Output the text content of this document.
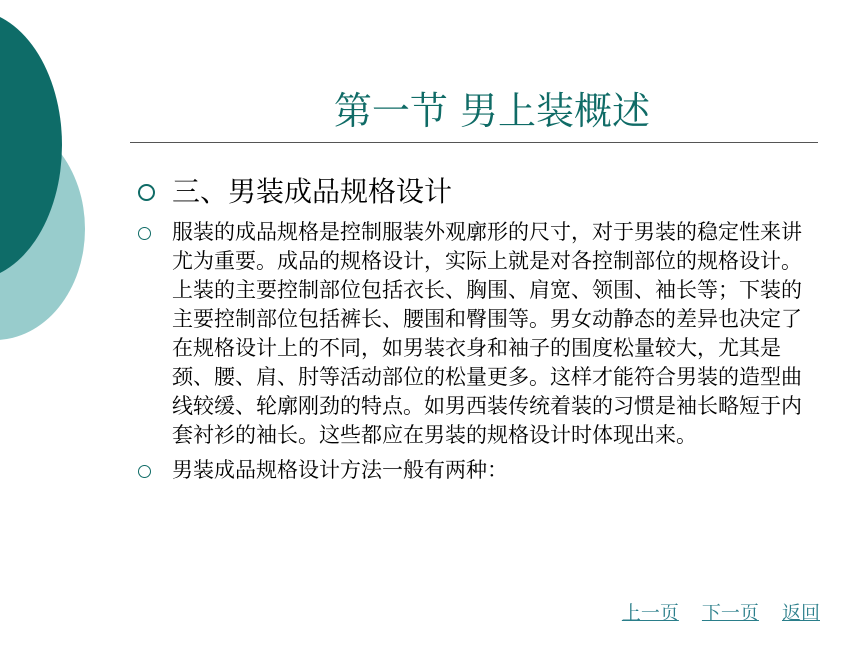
第一节 男上装概述
三、男装成品规格设计
服装的成品规格是控制服装外观廓形的尺寸，对于男装的稳定性来讲尤为重要。成品的规格设计，实际上就是对各控制部位的规格设计。上装的主要控制部位包括衣长、胸围、肩宽、领围、袖长等；下装的主要控制部位包括裤长、腰围和臀围等。男女动静态的差异也决定了在规格设计上的不同，如男装衣身和袖子的围度松量较大，尤其是颈、腰、肩、肘等活动部位的松量更多。这样才能符合男装的造型曲线较缓、轮廓刚劲的特点。如男西装传统着装的习惯是袖长略短于内套衬衫的袖长。这些都应在男装的规格设计时体现出来。
男装成品规格设计方法一般有两种：
上一页 下一页 返回
